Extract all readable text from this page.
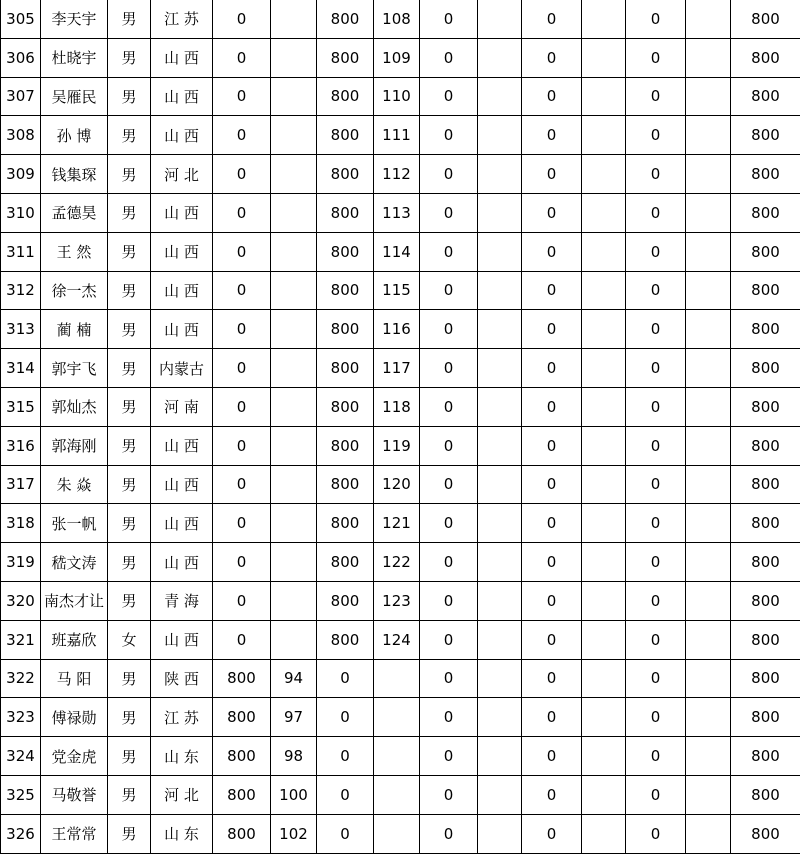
305	李天宇	男	江 苏	0		800	108	0		0		0		800
306	杜晓宇	男	山 西	0		800	109	0		0		0		800
307	吴雁民	男	山 西	0		800	110	0		0		0		800
308	孙 博	男	山 西	0		800	111	0		0		0		800
309	钱集琛	男	河 北	0		800	112	0		0		0		800
310	孟德昊	男	山 西	0		800	113	0		0		0		800
311	王 然	男	山 西	0		800	114	0		0		0		800
312	徐一杰	男	山 西	0		800	115	0		0		0		800
313	蔺 楠	男	山 西	0		800	116	0		0		0		800
314	郭宇飞	男	内蒙古	0		800	117	0		0		0		800
315	郭灿杰	男	河 南	0		800	118	0		0		0		800
316	郭海刚	男	山 西	0		800	119	0		0		0		800
317	朱 焱	男	山 西	0		800	120	0		0		0		800
318	张一帆	男	山 西	0		800	121	0		0		0		800
319	嵇文涛	男	山 西	0		800	122	0		0		0		800
320	南杰才让	男	青 海	0		800	123	0		0		0		800
321	班嘉欣	女	山 西	0		800	124	0		0		0		800
322	马 阳	男	陕 西	800	94	0		0		0		0		800
323	傅禄勋	男	江 苏	800	97	0		0		0		0		800
324	党金虎	男	山 东	800	98	0		0		0		0		800
325	马敬誉	男	河 北	800	100	0		0		0		0		800
326	王常常	男	山 东	800	102	0		0		0		0		800
